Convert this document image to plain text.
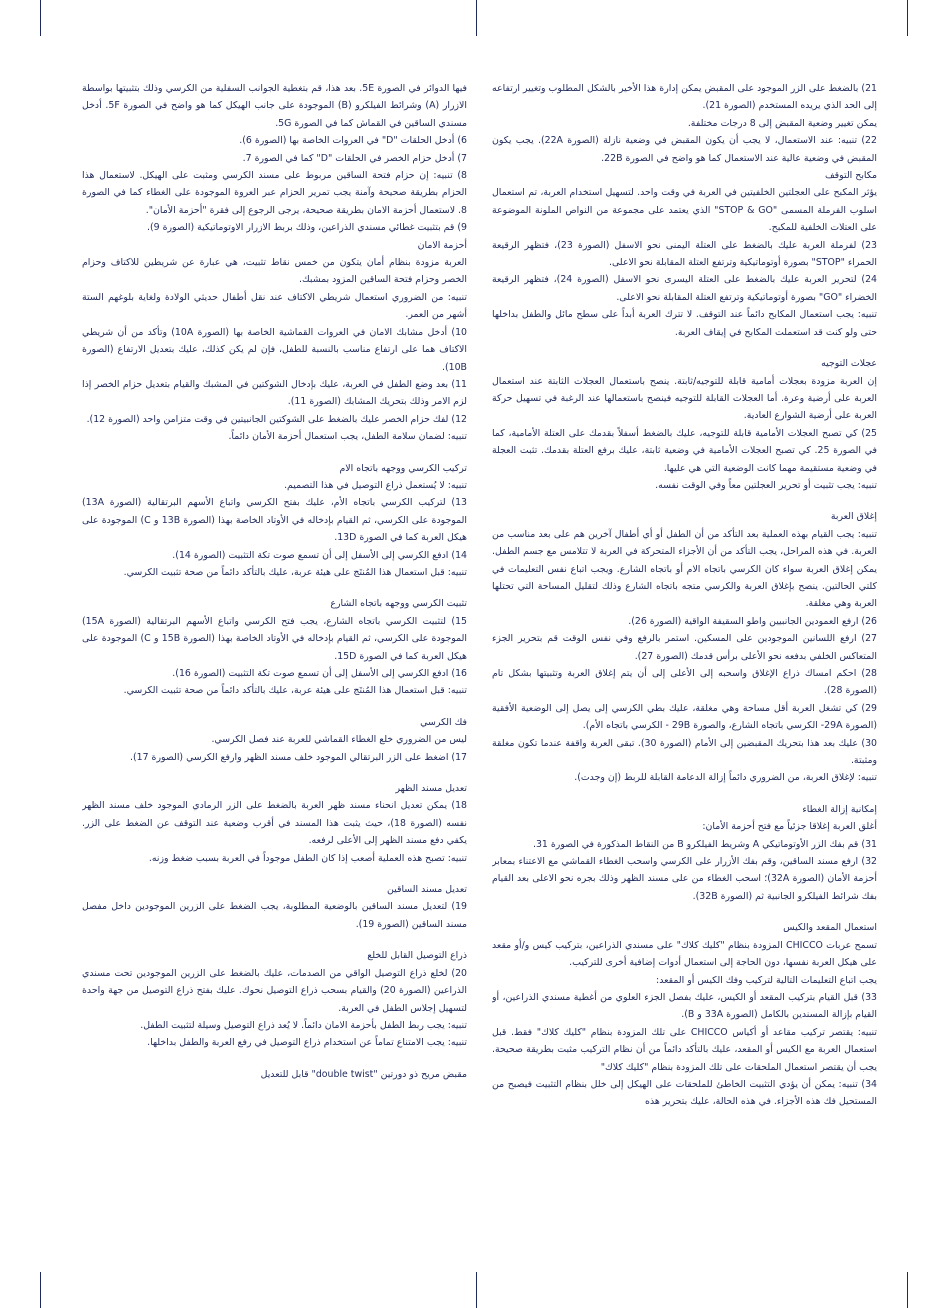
21) بالضغط على الزر الموجود على المقبض يمكن إدارة هذا الأخير بالشكل المطلوب وتغيير ارتفاعه إلى الحد الذي يريده المستخدم (الصورة 21).

يمكن تغيير وضعية المقبض إلى 8 درجات مختلفة.

22) تنبيه: عند الاستعمال، لا يجب أن يكون المقبض في وضعية نازلة (الصورة 22A). يجب يكون المقبض في وضعية عالية عند الاستعمال كما هو واضح في الصورة 22B.

مكابح التوقف

يؤثر المكبح على العجلتين الخلفيتين في العربة في وقت واحد. لتسهيل استخدام العربة، تم استعمال اسلوب الفرملة المسمى "STOP & GO" الذي يعتمد على مجموعة من النواص الملونة الموضوعة على العتلات الخلفية للمكبح.

23) لفرملة العربة عليك بالضغط على العتلة اليمنى نحو الاسفل (الصورة 23)، فتظهر الرقيعة الحمراء "STOP" بصورة أوتوماتيكية وترتفع العتلة المقابلة نحو الاعلى.

24) لتحرير العربة عليك بالضغط على العتلة اليسرى نحو الاسفل (الصورة 24)، فتظهر الرقيعة الخضراء "GO" بصورة أوتوماتيكية وترتفع العتلة المقابلة نحو الاعلى.

تنبيه: يجب استعمال المكابح دائماً عند التوقف. لا تترك العربة أبداً على سطح مائل والطفل بداخلها حتى ولو كنت قد استعملت المكابح في إيقاف العربة.

عجلات التوجيه

إن العربة مزودة بعجلات أمامية قابلة للتوجيه/ثابتة. ينصح باستعمال العجلات الثابتة عند استعمال العربة على أرضية وعرة. أما العجلات القابلة للتوجيه فينصح باستعمالها عند الرغبة في تسهيل حركة العربة على أرضية الشوارع العادية.

25) كي تصبح العجلات الأمامية قابلة للتوجيه، عليك بالضغط أسفلاً بقدمك على العتلة الأمامية، كما في الصورة 25. كي تصبح العجلات الأمامية في وضعية ثابتة، عليك برفع العتلة بقدمك. تثبت العجلة في وضعية مستقيمة مهما كانت الوضعية التي هي عليها.

تنبيه: يجب تثبيت أو تحرير العجلتين معاً وفي الوقت نفسه.

إغلاق العربة

تنبيه: يجب القيام بهذه العملية بعد التأكد من أن الطفل أو أي أطفال آخرين هم على بعد مناسب من العربة. في هذه المراحل، يجب التأكد من أن الأجزاء المتحركة في العربة لا تتلامس مع جسم الطفل. يمكن إغلاق العربة سواء كان الكرسي باتجاه الام أو باتجاه الشارع. ويجب اتباع نفس التعليمات في كلتي الحالتين. ينصح بإغلاق العربة والكرسي متجه باتجاه الشارع وذلك لتقليل المساحة التي تحتلها العربة وهي مغلقة.

26) ارفع العمودين الجانبيين واطو السقيفة الواقية (الصورة 26).

27) ارفع اللسانين الموجودين على المسكين. استمر بالرفع وفي نفس الوقت قم بتحرير الجزء المتعاكس الخلفي بدفعه نحو الأعلى برأس قدمك (الصورة 27).

28) احكم امساك ذراع الإغلاق واسحبه إلى الأعلى إلى أن يتم إغلاق العربة وتثبيتها بشكل تام (الصورة 28).

29) كي تشغل العربة أقل مساحة وهي مغلقة، عليك بطي الكرسي إلى يصل إلى الوضعية الأفقية (الصورة 29A- الكرسي باتجاه الشارع، والصورة 29B - الكرسي باتجاه الأم).

30) عليك بعد هذا بتحريك المقبضين إلى الأمام (الصورة 30). تبقى العربة واقفة عندما تكون مغلقة ومثبتة.

تنبيه: لإغلاق العربة، من الضروري دائماً إزالة الدعامة القابلة للربط (إن وجدت).

إمكانية إزالة الغطاء

أغلق العربة إغلاقا جزئياً مع فتح أحزمة الأمان:

31) قم بفك الزر الأوتوماتيكي A وشريط الفيلكرو B من النقاط المذكورة في الصورة 31.

32) ارفع مسند الساقين، وقم بفك الأزرار على الكرسي واسحب الغطاء القماشي مع الاعتناء بمعابر أحزمة الأمان (الصورة 32A)؛ اسحب الغطاء من على مسند الظهر وذلك بجره نحو الاعلى بعد القيام بفك شرائط الفيلكرو الجانبية ثم (الصورة 32B).

استعمال المقعد والكيس

تسمح عربات CHICCO المزودة بنظام "كليك كلاك" على مسندي الذراعين، بتركيب كيس و/أو مقعد على هيكل العربة نفسها، دون الحاجة إلى استعمال أدوات إضافية أخرى للتركيب.

يجب اتباع التعليمات التالية لتركيب وفك الكيس أو المقعد:

33) قبل القيام بتركيب المقعد أو الكيس، عليك بفصل الجزء العلوي من أغطية مسندي الذراعين، أو القيام بإزالة المسندين بالكامل (الصورة 33A و B).

تنبيه: يقتصر تركيب مقاعد أو أكياس CHICCO على تلك المزودة بنظام "كليك كلاك" فقط. قبل استعمال العربة مع الكيس أو المقعد، عليك بالتأكد دائماً من أن نظام التركيب مثبت بطريقة صحيحة. يجب أن يقتصر استعمال الملحقات على تلك المزودة بنظام "كليك كلاك"

34) تنبيه: يمكن أن يؤدي التثبيت الخاطئ للملحقات على الهيكل إلى خلل بنظام التثبيت فيصبح من المستحيل فك هذه الأجزاء. في هذه الحالة، عليك بتحرير هذه

فيها الدوائر في الصورة 5E. بعد هذا، قم بتغطية الجوانب السفلية من الكرسي وذلك بتثبيتها بواسطة الازرار (A) وشرائط الفيلكرو (B) الموجودة على جانب الهيكل كما هو واضح في الصورة 5F. أدخل مسندي الساقين في القماش كما في الصورة 5G.

6) أدخل الحلقات "D" في العروات الخاصة بها (الصورة 6).

7) أدخل حزام الخصر في الحلقات "D" كما في الصورة 7.

8) تنبيه: إن حزام فتحة الساقين مربوط على مسند الكرسي ومثبت على الهيكل. لاستعمال هذا الحزام بطريقة صحيحة وآمنة يجب تمرير الحزام عبر العروة الموجودة على الغطاء كما في الصورة 8. لاستعمال أحزمة الامان بطريقة صحيحة، يرجى الرجوع إلى فقرة "أحزمة الأمان".

9) قم بتثبيت غطائي مسندي الذراعين، وذلك بربط الازرار الاوتوماتيكية (الصورة 9).

أحزمة الامان

العربة مزودة بنظام أمان يتكون من خمس نقاط تثبيت، هي عبارة عن شريطين للاكتاف وحزام الخصر وحزام فتحة الساقين المزود بمشبك.

تنبيه: من الضروري استعمال شريطي الاكتاف عند نقل أطفال حديثي الولادة ولغاية بلوغهم الستة أشهر من العمر.

10) أدخل مشابك الامان في العروات القماشية الخاصة بها (الصورة 10A) وتأكد من أن شريطي الاكتاف هما على ارتفاع مناسب بالنسبة للطفل، فإن لم يكن كذلك، عليك بتعديل الارتفاع (الصورة 10B).

11) بعد وضع الطفل في العربة، عليك بإدخال الشوكتين في المشبك والقيام بتعديل حزام الخصر إذا لزم الامر وذلك بتحريك المشابك (الصورة 11).

12) لفك حزام الخصر عليك بالضغط على الشوكتين الجانبيتين في وقت متزامن واحد (الصورة 12).

تنبيه: لضمان سلامة الطفل، يجب استعمال أحزمة الأمان دائماً.

تركيب الكرسي ووجهه باتجاه الام

تنبيه: لا يُستعمل ذراع التوصيل في هذا التصميم.

13) لتركيب الكرسي باتجاه الأم، عليك بفتح الكرسي واتباع الأسهم البرتقالية (الصورة 13A) الموجودة على الكرسي، ثم القيام بإدخاله في الأوتاد الخاصة بهذا (الصورة 13B و C) الموجودة على هيكل العربة كما في الصورة 13D.

14) ادفع الكرسي إلى الأسفل إلى أن تسمع صوت تكة التثبيت (الصورة 14).

تنبيه: قبل استعمال هذا المُنتَج على هيئة عربة، عليك بالتأكد دائماً من صحة تثبيت الكرسي.

تثبيت الكرسي ووجهه باتجاه الشارع

15) لتثبيت الكرسي باتجاه الشارع، يجب فتح الكرسي واتباع الأسهم البرتقالية (الصورة 15A) الموجودة على الكرسي، ثم القيام بإدخاله في الأوتاد الخاصة بهذا (الصورة 15B و C) الموجودة على هيكل العربة كما في الصورة 15D.

16) ادفع الكرسي إلى الأسفل إلى أن تسمع صوت تكة التثبيت (الصورة 16).

تنبيه: قبل استعمال هذا المُنتَج على هيئة عربة، عليك بالتأكد دائماً من صحة تثبيت الكرسي.

فك الكرسي

ليس من الضروري خلع الغطاء القماشي للعربة عند فصل الكرسي.

17) اضغط على الزر البرتقالي الموجود خلف مسند الظهر وارفع الكرسي (الصورة 17).

تعديل مسند الظهر

18) يمكن تعديل انحناء مسند ظهر العربة بالضغط على الزر الرمادي الموجود خلف مسند الظهر نفسه (الصورة 18)، حيث يثبت هذا المسند في أقرب وضعية عند التوقف عن الضغط على الزر. يكفي دفع مسند الظهر إلى الأعلى لرفعه.

تنبيه: تصبح هذه العملية أصعب إذا كان الطفل موجوداً في العربة بسبب ضغط وزنه.

تعديل مسند الساقين

19) لتعديل مسند الساقين بالوضعية المطلوبة، يجب الضغط على الزرين الموجودين داخل مفصل مسند الساقين (الصورة 19).

ذراع التوصيل القابل للخلع

20) لخلع ذراع التوصيل الواقي من الصدمات، عليك بالضغط على الزرين الموجودين تحت مسندي الذراعين (الصورة 20) والقيام بسحب ذراع التوصيل نحوك. عليك بفتح ذراع التوصيل من جهة واحدة لتسهيل إجلاس الطفل في العربة.

تنبيه: يجب ربط الطفل بأحزمة الامان دائماً. لا يُعد ذراع التوصيل وسيلة لتثبيت الطفل.

تنبيه: يجب الامتناع تماماً عن استخدام ذراع التوصيل في رفع العربة والطفل بداخلها.

مقبض مريح ذو دورتين "double twist" قابل للتعديل
